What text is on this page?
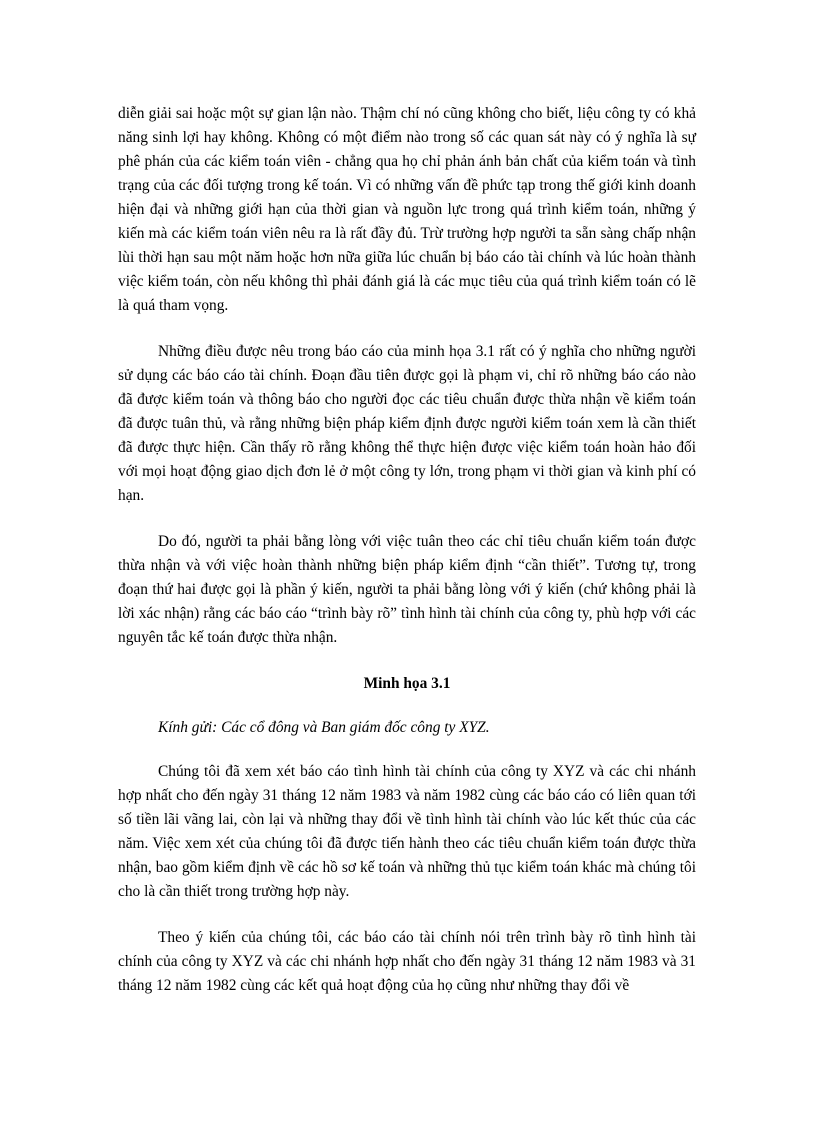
diễn giải sai hoặc một sự gian lận nào. Thậm chí nó cũng không cho biết, liệu công ty có khả năng sinh lợi hay không. Không có một điểm nào trong số các quan sát này có ý nghĩa là sự phê phán của các kiểm toán viên - chẳng qua họ chỉ phản ánh bản chất của kiểm toán và tình trạng của các đối tượng trong kế toán. Vì có những vấn đề phức tạp trong thế giới kinh doanh hiện đại và những giới hạn của thời gian và nguồn lực trong quá trình kiểm toán, những ý kiến mà các kiểm toán viên nêu ra là rất đầy đủ. Trừ trường hợp người ta sẵn sàng chấp nhận lùi thời hạn sau một năm hoặc hơn nữa giữa lúc chuẩn bị báo cáo tài chính và lúc hoàn thành việc kiểm toán, còn nếu không thì phải đánh giá là các mục tiêu của quá trình kiểm toán có lẽ là quá tham vọng.

Những điều được nêu trong báo cáo của minh họa 3.1 rất có ý nghĩa cho những người sử dụng các báo cáo tài chính. Đoạn đầu tiên được gọi là phạm vi, chỉ rõ những báo cáo nào đã được kiểm toán và thông báo cho người đọc các tiêu chuẩn được thừa nhận về kiểm toán đã được tuân thủ, và rằng những biện pháp kiểm định được người kiểm toán xem là cần thiết đã được thực hiện. Cần thấy rõ rằng không thể thực hiện được việc kiểm toán hoàn hảo đối với mọi hoạt động giao dịch đơn lẻ ở một công ty lớn, trong phạm vi thời gian và kinh phí có hạn.

Do đó, người ta phải bằng lòng với việc tuân theo các chỉ tiêu chuẩn kiểm toán được thừa nhận và với việc hoàn thành những biện pháp kiểm định “cần thiết”. Tương tự, trong đoạn thứ hai được gọi là phần ý kiến, người ta phải bằng lòng với ý kiến (chứ không phải là lời xác nhận) rằng các báo cáo “trình bày rõ” tình hình tài chính của công ty, phù hợp với các nguyên tắc kế toán được thừa nhận.

Minh họa 3.1

Kính gửi: Các cổ đông và Ban giám đốc công ty XYZ.

Chúng tôi đã xem xét báo cáo tình hình tài chính của công ty XYZ và các chi nhánh hợp nhất cho đến ngày 31 tháng 12 năm 1983 và năm 1982 cùng các báo cáo có liên quan tới số tiền lãi vãng lai, còn lại và những thay đổi về tình hình tài chính vào lúc kết thúc của các năm. Việc xem xét của chúng tôi đã được tiến hành theo các tiêu chuẩn kiểm toán được thừa nhận, bao gồm kiểm định về các hồ sơ kế toán và những thủ tục kiểm toán khác mà chúng tôi cho là cần thiết trong trường hợp này.

Theo ý kiến của chúng tôi, các báo cáo tài chính nói trên trình bày rõ tình hình tài chính của công ty XYZ và các chi nhánh hợp nhất cho đến ngày 31 tháng 12 năm 1983 và 31 tháng 12 năm 1982 cùng các kết quả hoạt động của họ cũng như những thay đổi về
